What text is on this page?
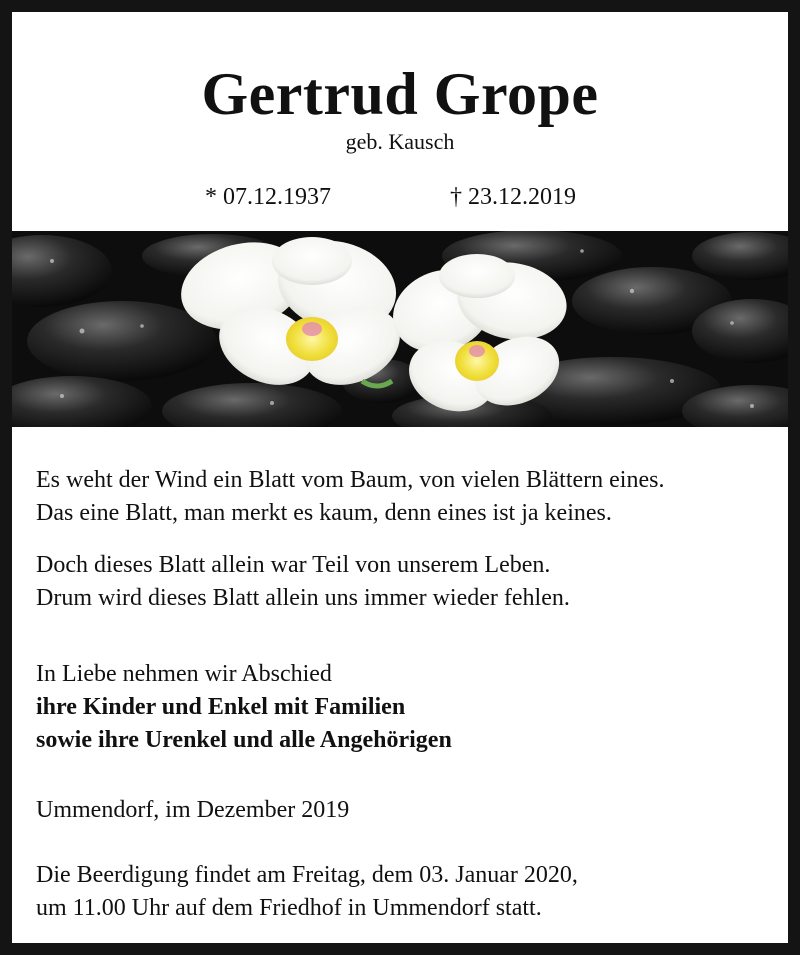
Gertrud Grope
geb. Kausch
* 07.12.1937	† 23.12.2019
Es weht der Wind ein Blatt vom Baum, von vielen Blättern eines.
Das eine Blatt, man merkt es kaum, denn eines ist ja keines.
Doch dieses Blatt allein war Teil von unserem Leben.
Drum wird dieses Blatt allein uns immer wieder fehlen.
In Liebe nehmen wir Abschied
ihre Kinder und Enkel mit Familien
sowie ihre Urenkel und alle Angehörigen
Ummendorf, im Dezember 2019
Die Beerdigung findet am Freitag, dem 03. Januar 2020,
um 11.00 Uhr auf dem Friedhof in Ummendorf statt.
